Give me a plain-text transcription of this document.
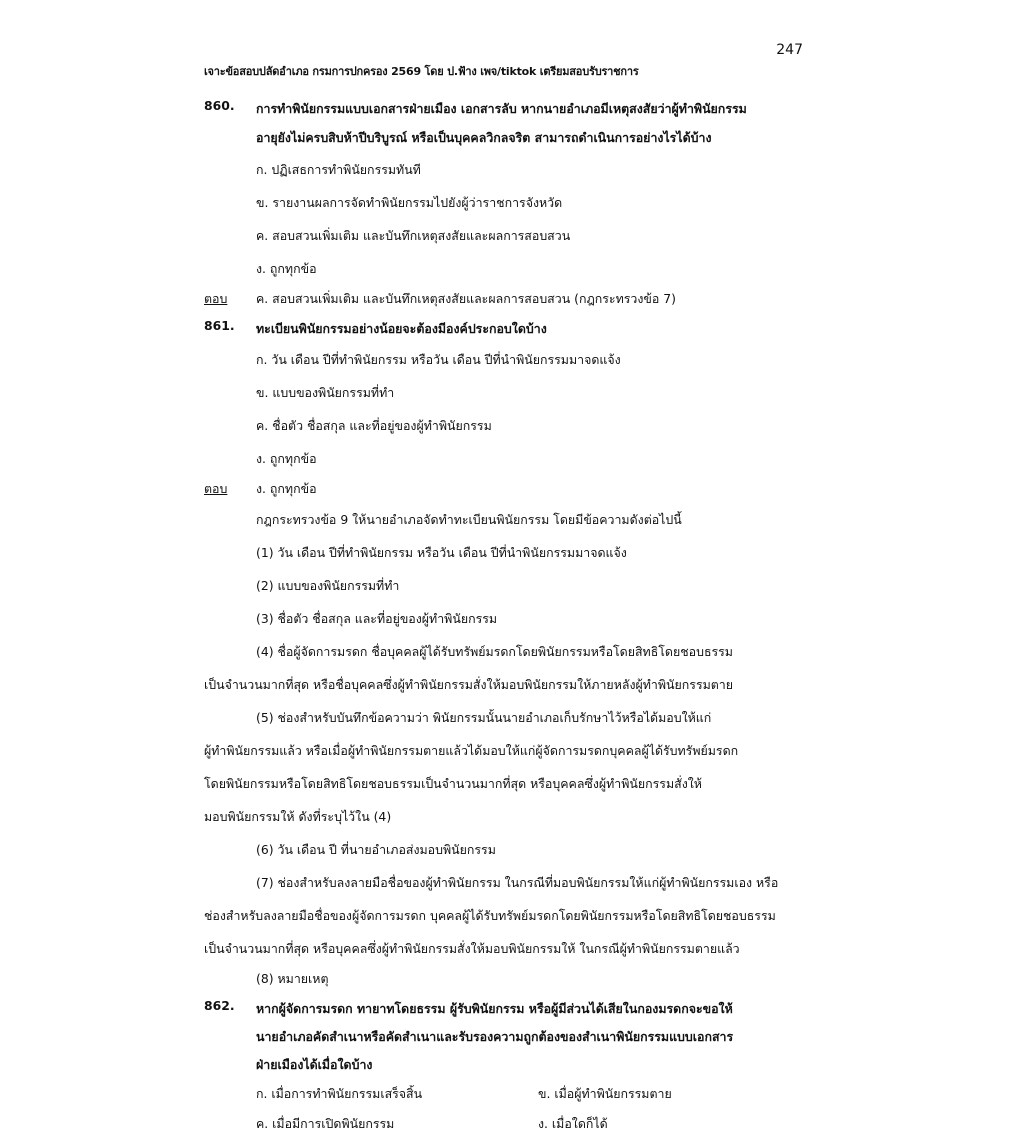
247
เจาะข้อสอบปลัดอำเภอ กรมการปกครอง 2569 โดย ป.ฟ้าง เพจ/tiktok เตรียมสอบรับราชการ
860.	การทำพินัยกรรมแบบเอกสารฝ่ายเมือง เอกสารลับ หากนายอำเภอมีเหตุสงสัยว่าผู้ทำพินัยกรรม
อายุยังไม่ครบสิบห้าปีบริบูรณ์ หรือเป็นบุคคลวิกลจริต สามารถดำเนินการอย่างไรได้บ้าง
ก. ปฏิเสธการทำพินัยกรรมทันที
ข. รายงานผลการจัดทำพินัยกรรมไปยังผู้ว่าราชการจังหวัด
ค. สอบสวนเพิ่มเติม และบันทึกเหตุสงสัยและผลการสอบสวน
ง. ถูกทุกข้อ
ตอบ	ค. สอบสวนเพิ่มเติม และบันทึกเหตุสงสัยและผลการสอบสวน (กฎกระทรวงข้อ 7)
861.	ทะเบียนพินัยกรรมอย่างน้อยจะต้องมีองค์ประกอบใดบ้าง
ก. วัน เดือน ปีที่ทำพินัยกรรม หรือวัน เดือน ปีที่นำพินัยกรรมมาจดแจ้ง
ข. แบบของพินัยกรรมที่ทำ
ค. ชื่อตัว ชื่อสกุล และที่อยู่ของผู้ทำพินัยกรรม
ง. ถูกทุกข้อ
ตอบ	ง. ถูกทุกข้อ
กฎกระทรวงข้อ 9 ให้นายอำเภอจัดทำทะเบียนพินัยกรรม โดยมีข้อความดังต่อไปนี้
(1) วัน เดือน ปีที่ทำพินัยกรรม หรือวัน เดือน ปีที่นำพินัยกรรมมาจดแจ้ง
(2) แบบของพินัยกรรมที่ทำ
(3) ชื่อตัว ชื่อสกุล และที่อยู่ของผู้ทำพินัยกรรม
(4) ชื่อผู้จัดการมรดก ชื่อบุคคลผู้ได้รับทรัพย์มรดกโดยพินัยกรรมหรือโดยสิทธิโดยชอบธรรม
เป็นจำนวนมากที่สุด หรือชื่อบุคคลซึ่งผู้ทำพินัยกรรมสั่งให้มอบพินัยกรรมให้ภายหลังผู้ทำพินัยกรรมตาย
(5) ช่องสำหรับบันทึกข้อความว่า พินัยกรรมนั้นนายอำเภอเก็บรักษาไว้หรือได้มอบให้แก่
ผู้ทำพินัยกรรมแล้ว หรือเมื่อผู้ทำพินัยกรรมตายแล้วได้มอบให้แก่ผู้จัดการมรดกบุคคลผู้ได้รับทรัพย์มรดก
โดยพินัยกรรมหรือโดยสิทธิโดยชอบธรรมเป็นจำนวนมากที่สุด หรือบุคคลซึ่งผู้ทำพินัยกรรมสั่งให้
มอบพินัยกรรมให้ ดังที่ระบุไว้ใน (4)
(6) วัน เดือน ปี ที่นายอำเภอส่งมอบพินัยกรรม
(7) ช่องสำหรับลงลายมือชื่อของผู้ทำพินัยกรรม ในกรณีที่มอบพินัยกรรมให้แก่ผู้ทำพินัยกรรมเอง หรือ
ช่องสำหรับลงลายมือชื่อของผู้จัดการมรดก บุคคลผู้ได้รับทรัพย์มรดกโดยพินัยกรรมหรือโดยสิทธิโดยชอบธรรม
เป็นจำนวนมากที่สุด หรือบุคคลซึ่งผู้ทำพินัยกรรมสั่งให้มอบพินัยกรรมให้ ในกรณีผู้ทำพินัยกรรมตายแล้ว
(8) หมายเหตุ
862.	หากผู้จัดการมรดก ทายาทโดยธรรม ผู้รับพินัยกรรม หรือผู้มีส่วนได้เสียในกองมรดกจะขอให้
นายอำเภอคัดสำเนาหรือคัดสำเนาและรับรองความถูกต้องของสำเนาพินัยกรรมแบบเอกสาร
ฝ่ายเมืองได้เมื่อใดบ้าง
ก. เมื่อการทำพินัยกรรมเสร็จสิ้น	ข. เมื่อผู้ทำพินัยกรรมตาย
ค. เมื่อมีการเปิดพินัยกรรม	ง. เมื่อใดก็ได้
